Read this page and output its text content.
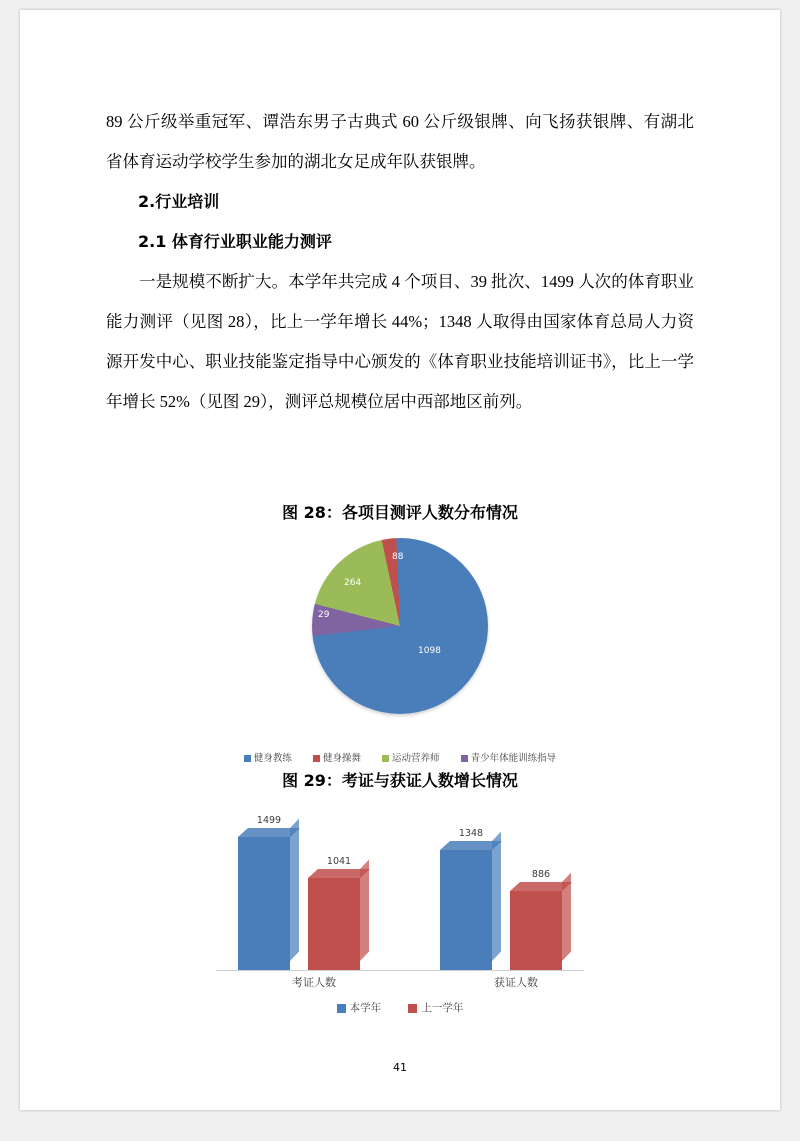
89 公斤级举重冠军、谭浩东男子古典式 60 公斤级银牌、向飞扬获银牌、有湖北省体育运动学校学生参加的湖北女足成年队获银牌。

2.行业培训

2.1 体育行业职业能力测评

一是规模不断扩大。本学年共完成 4 个项目、39 批次、1499 人次的体育职业能力测评（见图 28），比上一学年增长 44%；1348 人取得由国家体育总局人力资源开发中心、职业技能鉴定指导中心颁发的《体育职业技能培训证书》，比上一学年增长 52%（见图 29），测评总规模位居中西部地区前列。

图 28：各项目测评人数分布情况
1098
29
264
88
健身教练	健身操舞	运动营养师	青少年体能训练指导
图 29：考证与获证人数增长情况
1499
1041
1348
886
考证人数	获证人数
本学年	上一学年
41
